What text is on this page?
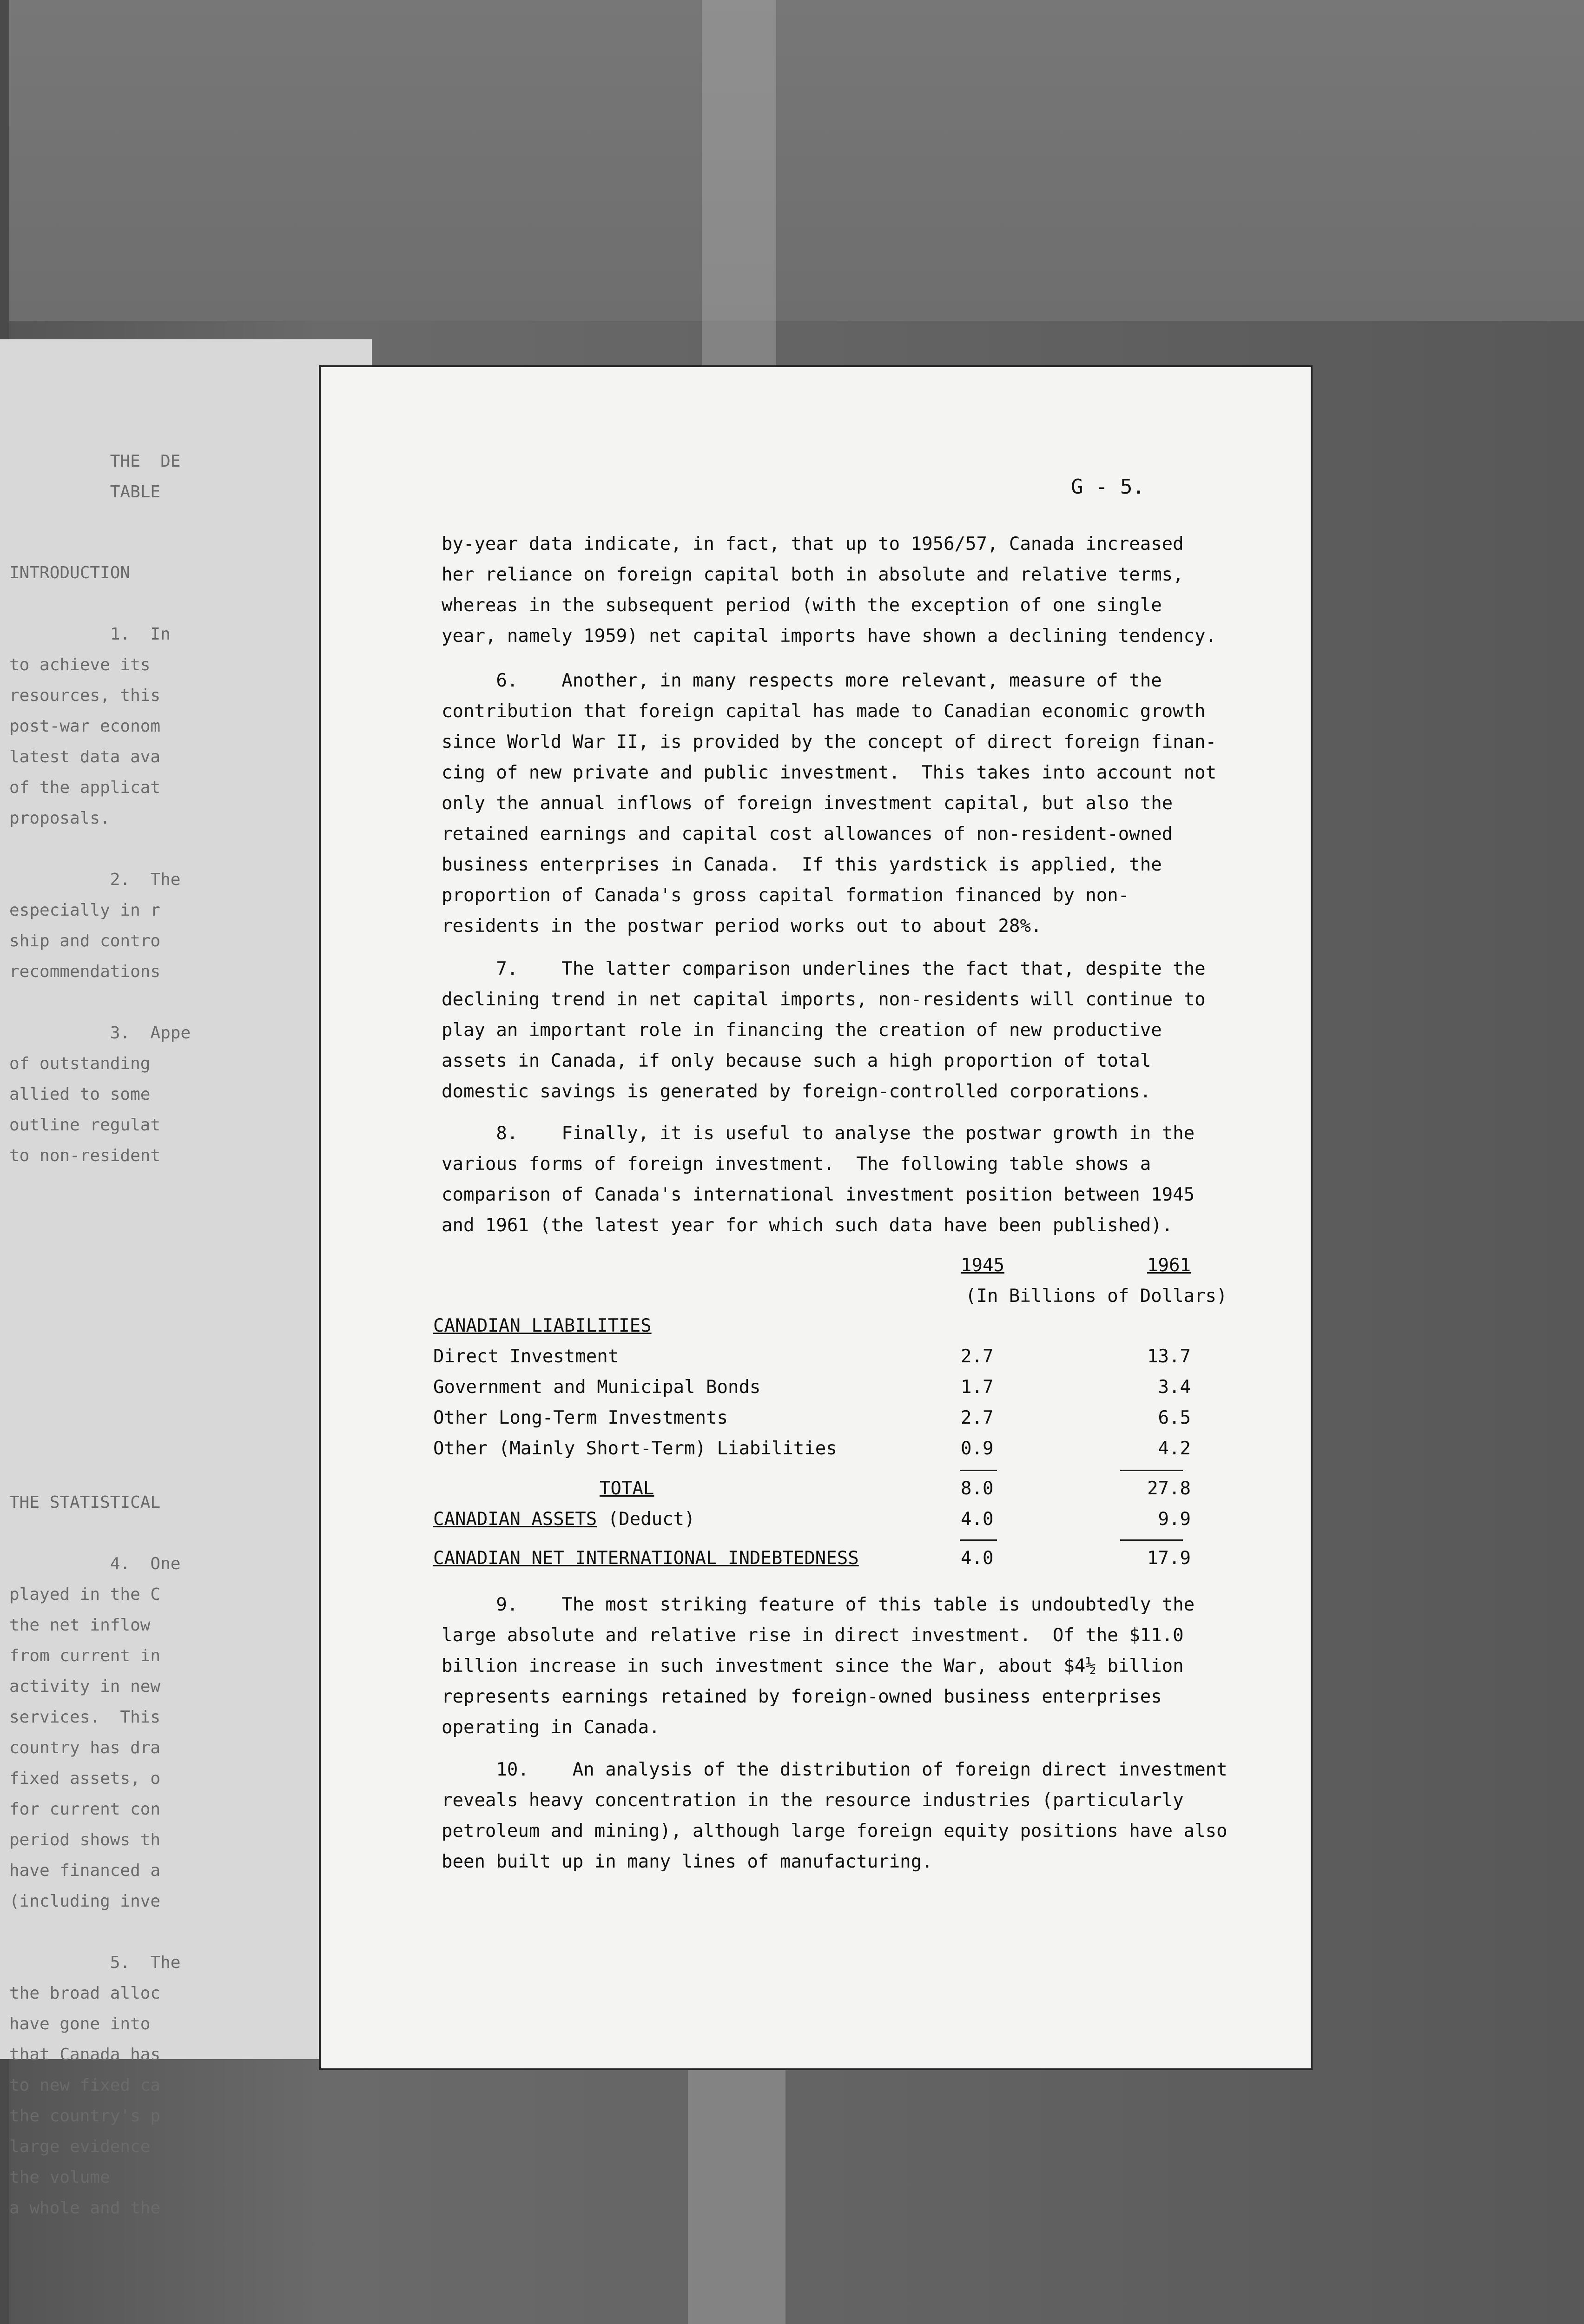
THE  DE
TABLE
INTRODUCTION

1.  In
to achieve its
resources, this
post-war econom
latest data ava
of the applicat
proposals.

2.  The
especially in r
ship and contro
recommendations

3.  Appe
of outstanding
allied to some
outline regulat
to non-resident
THE STATISTICAL

4.  One
played in the C
the net inflow
from current in
activity in new
services.  This
country has dra
fixed assets, o
for current con
period shows th
have financed a
(including inve

5.  The
the broad alloc
have gone into
that Canada has
to new fixed ca
the country's p
large evidence
the volume
a whole and the
G - 5.
by-year data indicate, in fact, that up to 1956/57, Canada increased
her reliance on foreign capital both in absolute and relative terms,
whereas in the subsequent period (with the exception of one single
year, namely 1959) net capital imports have shown a declining tendency.
6.    Another, in many respects more relevant, measure of the
contribution that foreign capital has made to Canadian economic growth
since World War II, is provided by the concept of direct foreign finan-
cing of new private and public investment.  This takes into account not
only the annual inflows of foreign investment capital, but also the
retained earnings and capital cost allowances of non-resident-owned
business enterprises in Canada.  If this yardstick is applied, the
proportion of Canada's gross capital formation financed by non-
residents in the postwar period works out to about 28%.
7.    The latter comparison underlines the fact that, despite the
declining trend in net capital imports, non-residents will continue to
play an important role in financing the creation of new productive
assets in Canada, if only because such a high proportion of total
domestic savings is generated by foreign-controlled corporations.
8.    Finally, it is useful to analyse the postwar growth in the
various forms of foreign investment.  The following table shows a
comparison of Canada's international investment position between 1945
and 1961 (the latest year for which such data have been published).
1945	1961
(In Billions of Dollars)
CANADIAN LIABILITIES
Direct Investment	2.7	13.7
Government and Municipal Bonds	1.7	3.4
Other Long-Term Investments	2.7	6.5
Other (Mainly Short-Term) Liabilities	0.9	4.2
TOTAL	8.0	27.8
CANADIAN ASSETS (Deduct)	4.0	9.9
CANADIAN NET INTERNATIONAL INDEBTEDNESS	4.0	17.9
9.    The most striking feature of this table is undoubtedly the
large absolute and relative rise in direct investment.  Of the $11.0
billion increase in such investment since the War, about $4½ billion
represents earnings retained by foreign-owned business enterprises
operating in Canada.
10.    An analysis of the distribution of foreign direct investment
reveals heavy concentration in the resource industries (particularly
petroleum and mining), although large foreign equity positions have also
been built up in many lines of manufacturing.
